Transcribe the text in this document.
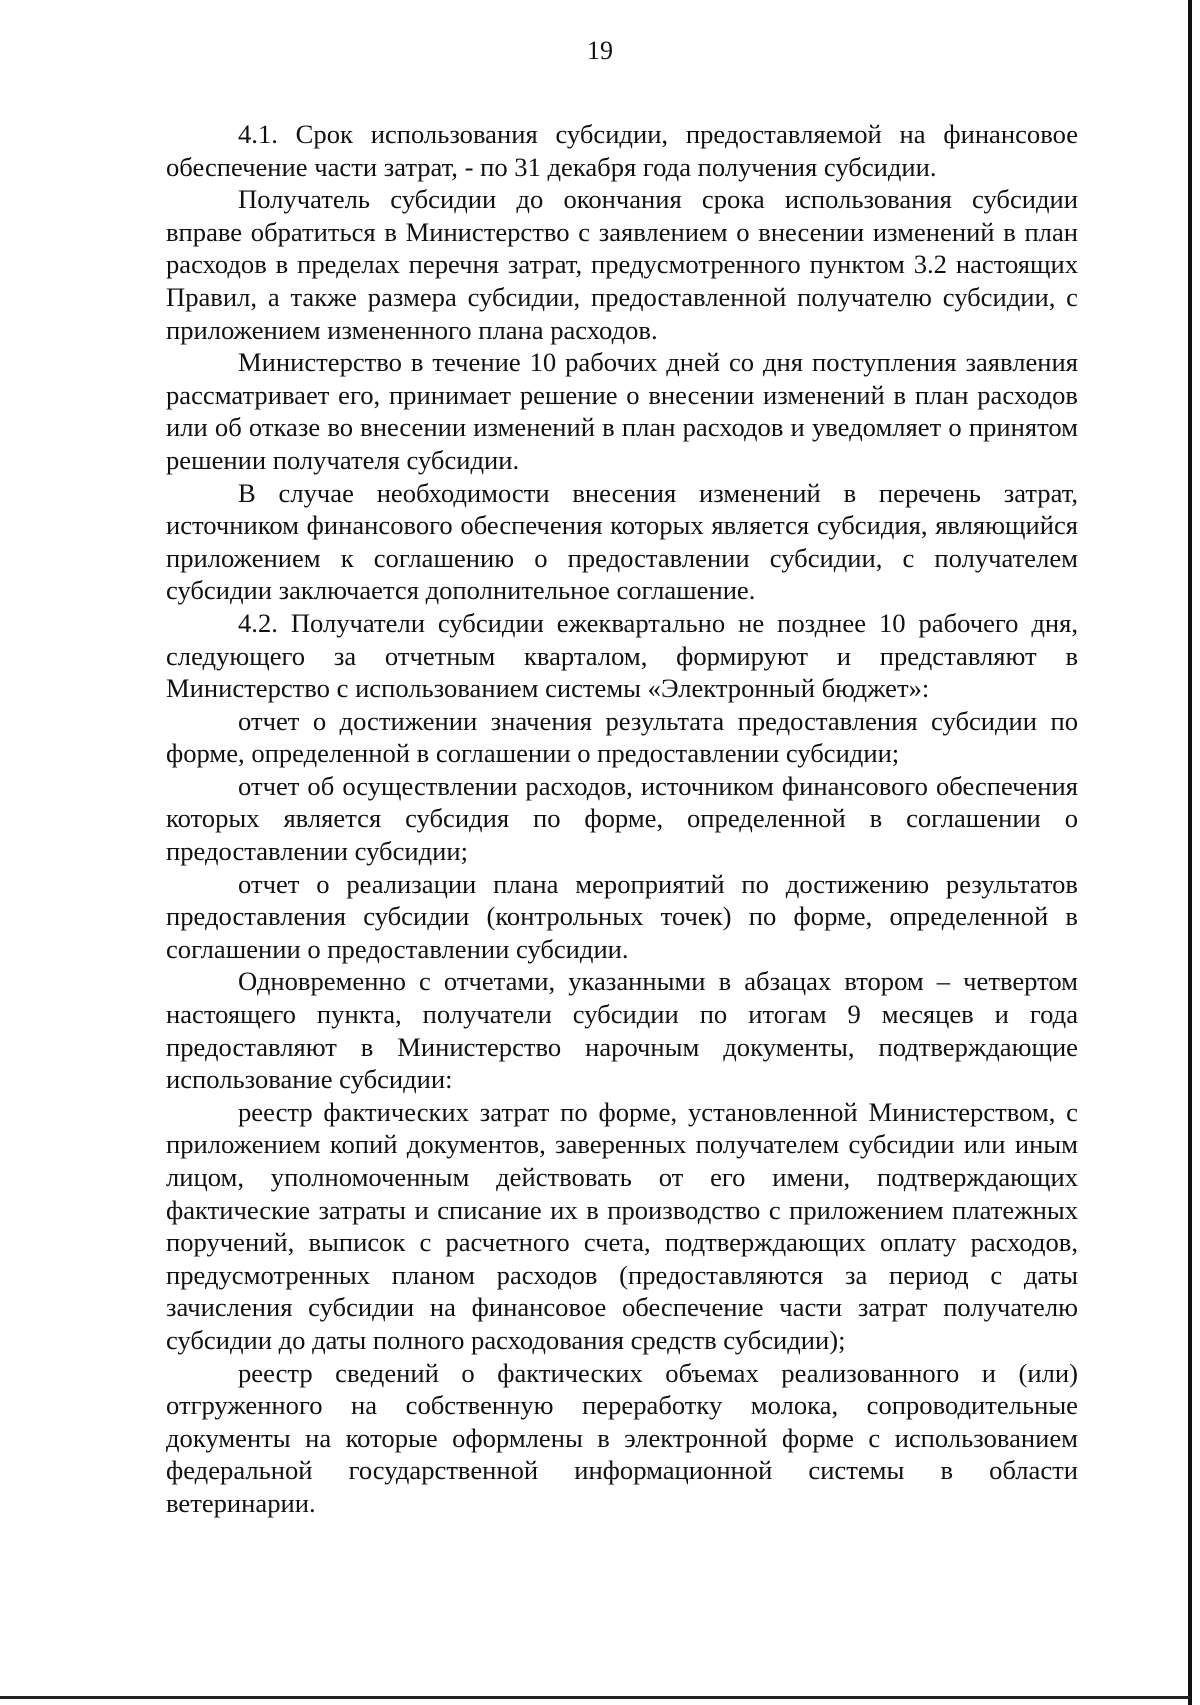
19

4.1. Срок использования субсидии, предоставляемой на финансовое обеспечение части затрат, - по 31 декабря года получения субсидии.

Получатель субсидии до окончания срока использования субсидии вправе обратиться в Министерство с заявлением о внесении изменений в план расходов в пределах перечня затрат, предусмотренного пунктом 3.2 настоящих Правил, а также размера субсидии, предоставленной получателю субсидии, с приложением измененного плана расходов.

Министерство в течение 10 рабочих дней со дня поступления заявления рассматривает его, принимает решение о внесении изменений в план расходов или об отказе во внесении изменений в план расходов и уведомляет о принятом решении получателя субсидии.

В случае необходимости внесения изменений в перечень затрат, источником финансового обеспечения которых является субсидия, являющийся приложением к соглашению о предоставлении субсидии, с получателем субсидии заключается дополнительное соглашение.

4.2. Получатели субсидии ежеквартально не позднее 10 рабочего дня, следующего за отчетным кварталом, формируют и представляют в Министерство с использованием системы «Электронный бюджет»:

отчет о достижении значения результата предоставления субсидии по форме, определенной в соглашении о предоставлении субсидии;

отчет об осуществлении расходов, источником финансового обеспечения которых является субсидия по форме, определенной в соглашении о предоставлении субсидии;

отчет о реализации плана мероприятий по достижению результатов предоставления субсидии (контрольных точек) по форме, определенной в соглашении о предоставлении субсидии.

Одновременно с отчетами, указанными в абзацах втором – четвертом настоящего пункта, получатели субсидии по итогам 9 месяцев и года предоставляют в Министерство нарочным документы, подтверждающие использование субсидии:

реестр фактических затрат по форме, установленной Министерством, с приложением копий документов, заверенных получателем субсидии или иным лицом, уполномоченным действовать от его имени, подтверждающих фактические затраты и списание их в производство с приложением платежных поручений, выписок с расчетного счета, подтверждающих оплату расходов, предусмотренных планом расходов (предоставляются за период с даты зачисления субсидии на финансовое обеспечение части затрат получателю субсидии до даты полного расходования средств субсидии);

реестр сведений о фактических объемах реализованного и (или) отгруженного на собственную переработку молока, сопроводительные документы на которые оформлены в электронной форме с использованием федеральной государственной информационной системы в области ветеринарии.
